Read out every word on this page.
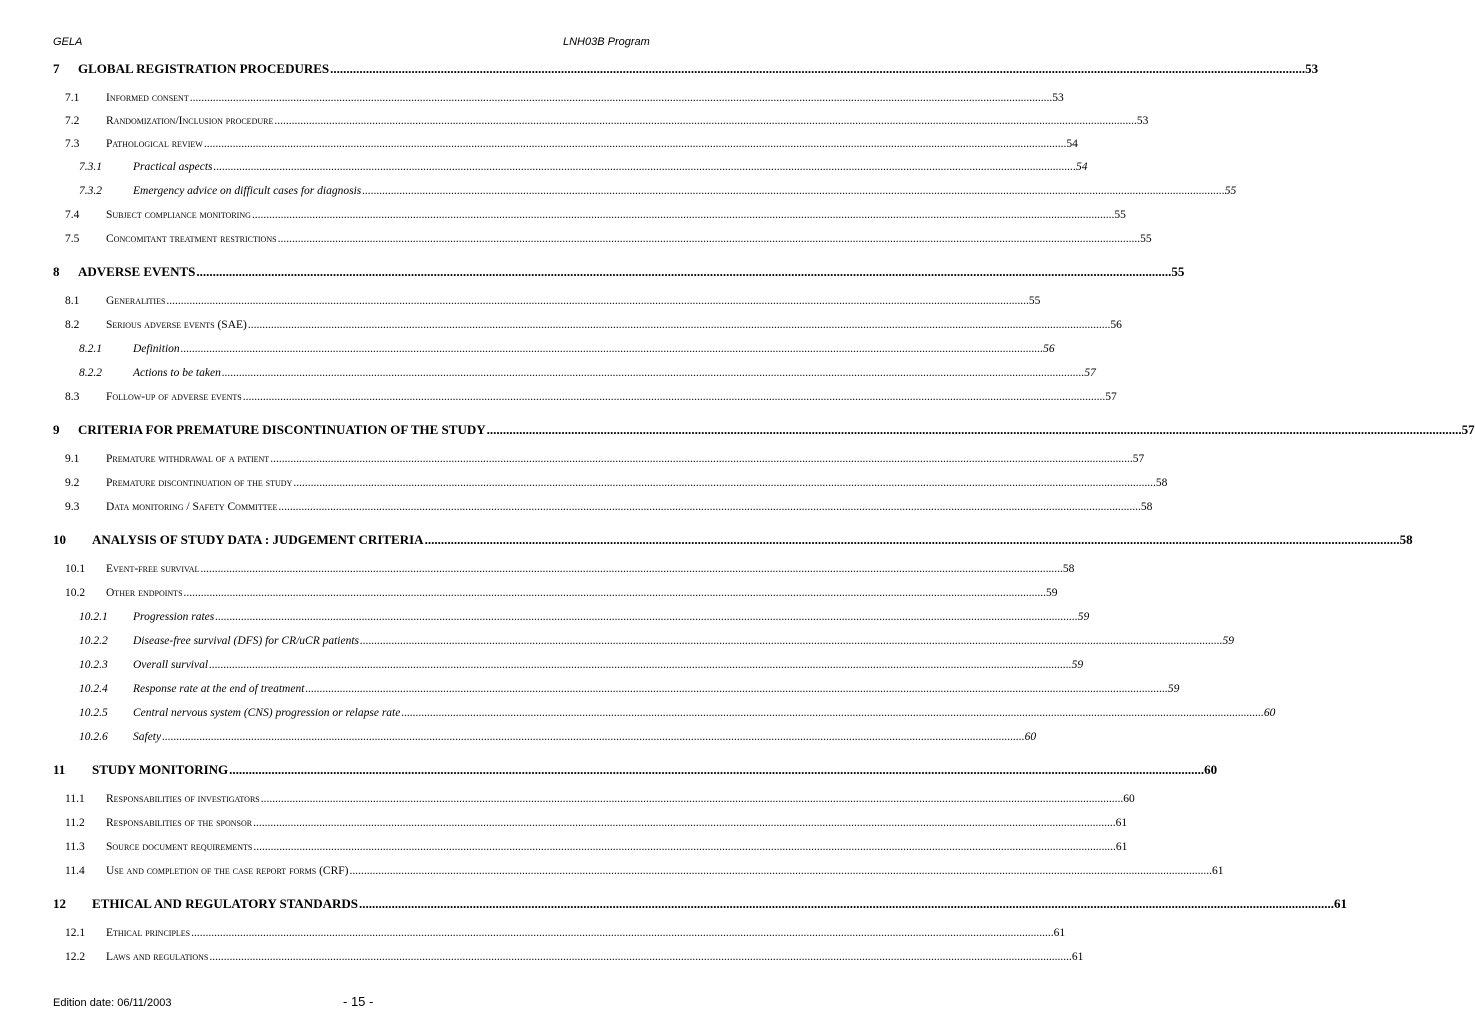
GELA	LNH03B Program
7 GLOBAL REGISTRATION PROCEDURES ............................................................................................................................................................................................................................................................................................................ 53
7.1 Informed consent ............................................................................................................................................................................................................................................................................................................ 53
7.2 Randomization/Inclusion procedure ............................................................................................................................................................................................................................................................................................................ 53
7.3 Pathological review ............................................................................................................................................................................................................................................................................................................ 54
7.3.1	Practical aspects ............................................................................................................................................................................................................................................................................................................ 54
7.3.2	Emergency advice on difficult cases for diagnosis ............................................................................................................................................................................................................................................................................................................ 55
7.4 Subject compliance monitoring ............................................................................................................................................................................................................................................................................................................ 55
7.5 Concomitant treatment restrictions ............................................................................................................................................................................................................................................................................................................ 55
8 ADVERSE EVENTS ............................................................................................................................................................................................................................................................................................................ 55
8.1 Generalities ............................................................................................................................................................................................................................................................................................................ 55
8.2 Serious adverse events (SAE) ............................................................................................................................................................................................................................................................................................................ 56
8.2.1	Definition ............................................................................................................................................................................................................................................................................................................ 56
8.2.2	Actions to be taken ............................................................................................................................................................................................................................................................................................................ 57
8.3 Follow-up of adverse events ............................................................................................................................................................................................................................................................................................................ 57
9 CRITERIA FOR PREMATURE DISCONTINUATION OF THE STUDY ............................................................................................................................................................................................................................................................................................................ 57
9.1 Premature withdrawal of a patient ............................................................................................................................................................................................................................................................................................................ 57
9.2 Premature discontinuation of the study ............................................................................................................................................................................................................................................................................................................ 58
9.3 Data monitoring / Safety Committee ............................................................................................................................................................................................................................................................................................................ 58
10 ANALYSIS OF STUDY DATA : JUDGEMENT CRITERIA ............................................................................................................................................................................................................................................................................................................ 58
10.1 Event-free survival ............................................................................................................................................................................................................................................................................................................ 58
10.2 Other endpoints ............................................................................................................................................................................................................................................................................................................ 59
10.2.1 Progression rates ............................................................................................................................................................................................................................................................................................................ 59
10.2.2 Disease-free survival (DFS) for CR/uCR patients ............................................................................................................................................................................................................................................................................................................ 59
10.2.3 Overall survival ............................................................................................................................................................................................................................................................................................................ 59
10.2.4 Response rate at the end of treatment ............................................................................................................................................................................................................................................................................................................ 59
10.2.5 Central nervous system (CNS) progression or relapse rate ............................................................................................................................................................................................................................................................................................................ 60
10.2.6 Safety ............................................................................................................................................................................................................................................................................................................ 60
11 STUDY MONITORING ............................................................................................................................................................................................................................................................................................................ 60
11.1 Responsabilities of investigators ............................................................................................................................................................................................................................................................................................................ 60
11.2 Responsabilities of the sponsor ............................................................................................................................................................................................................................................................................................................ 61
11.3 Source document requirements ............................................................................................................................................................................................................................................................................................................ 61
11.4 Use and completion of the case report forms (CRF) ............................................................................................................................................................................................................................................................................................................ 61
12 ETHICAL AND REGULATORY STANDARDS ............................................................................................................................................................................................................................................................................................................ 61
12.1 Ethical principles ............................................................................................................................................................................................................................................................................................................ 61
12.2 Laws and regulations ............................................................................................................................................................................................................................................................................................................ 61
Edition date: 06/11/2003	- 15 -
